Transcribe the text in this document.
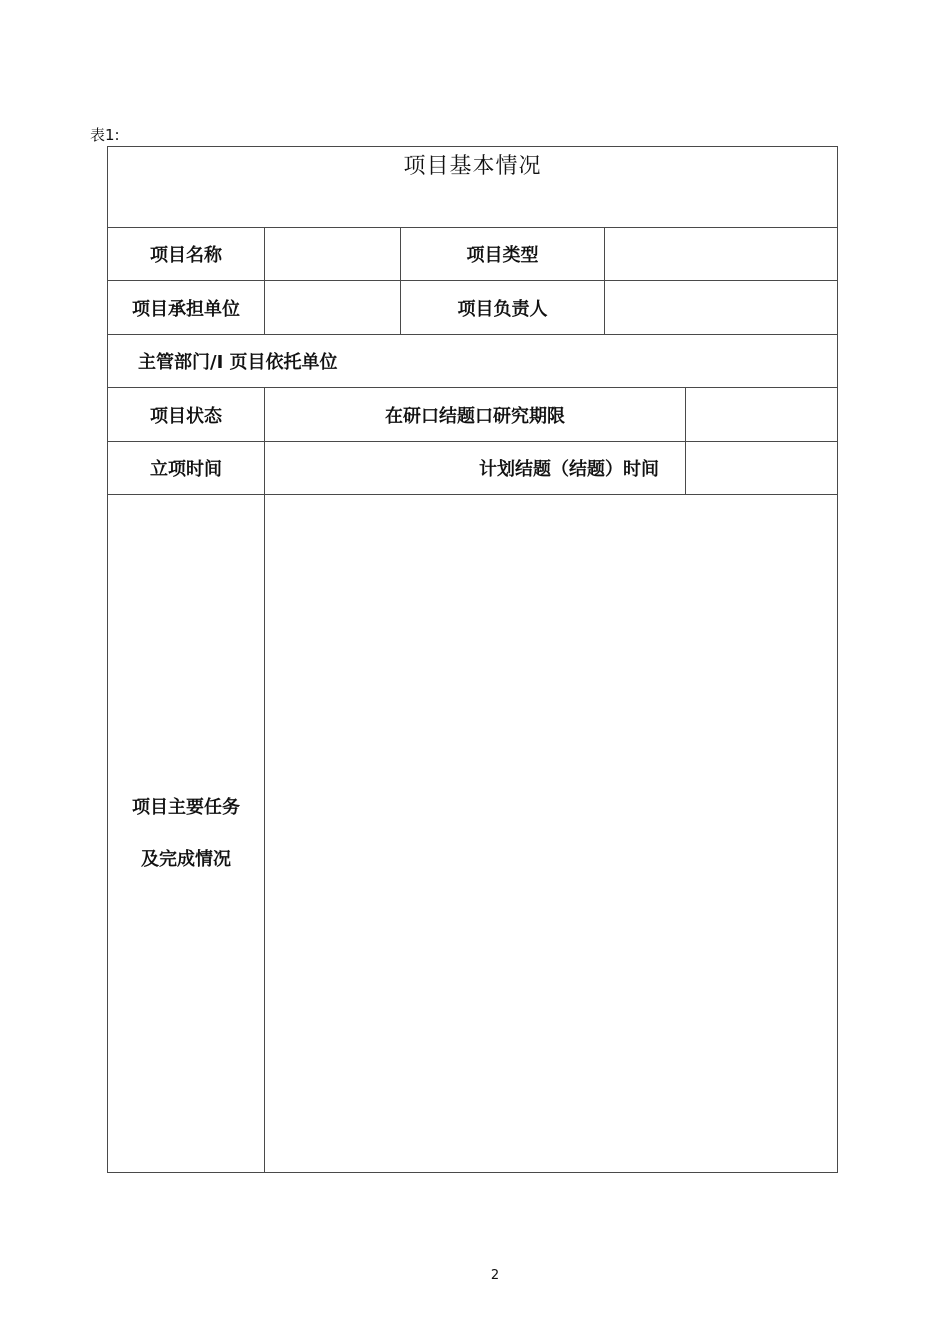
表1:
项目基本情况				
项目名称		项目类型		
项目承担单位		项目负责人		
主管部门/I 页目依托单位				
项目状态	在研口结题口研究期限			
立项时间	计划结题（结题）时间			

项目主要任务
及完成情况				

2
